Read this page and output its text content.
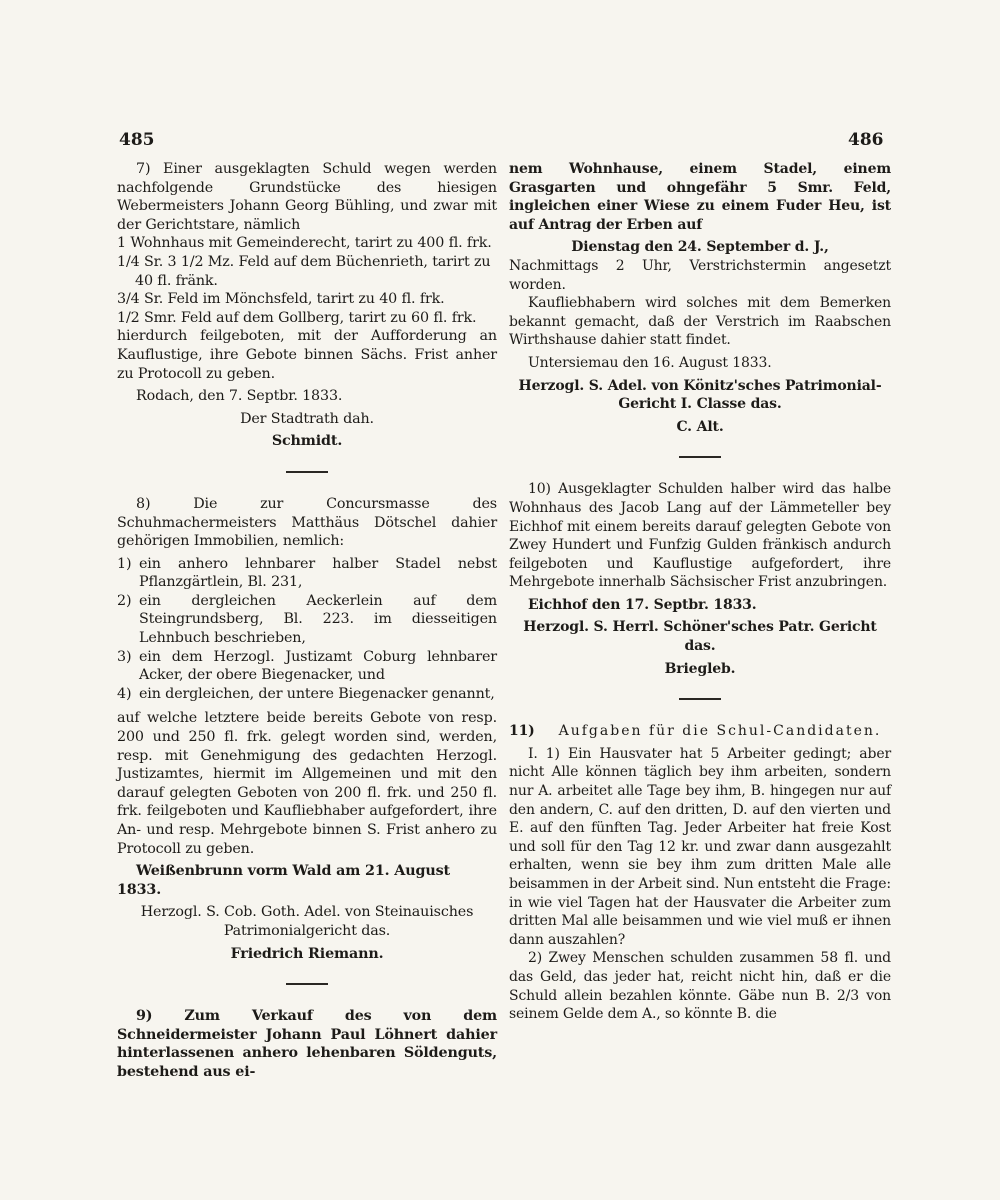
485	486

7) Einer ausgeklagten Schuld wegen werden nachfolgende Grundstücke des hiesigen Webermeisters Johann Georg Bühling, und zwar mit der Gerichtstare, nämlich

1 Wohnhaus mit Gemeinderecht, tarirt zu 400 fl. frk.

1/4 Sr. 3 1/2 Mz. Feld auf dem Büchenrieth, tarirt zu 40 fl. fränk.

3/4 Sr. Feld im Mönchsfeld, tarirt zu 40 fl. frk.

1/2 Smr. Feld auf dem Gollberg, tarirt zu 60 fl. frk.

hierdurch feilgeboten, mit der Aufforderung an Kauflustige, ihre Gebote binnen Sächs. Frist anher zu Protocoll zu geben.

Rodach, den 7. Septbr. 1833.

Der Stadtrath dah.

Schmidt.

8) Die zur Concursmasse des Schuhmachermeisters Matthäus Dötschel dahier gehörigen Immobilien, nemlich:

1) ein anhero lehnbarer halber Stadel nebst Pflanzgärtlein, Bl. 231,
2) ein dergleichen Aeckerlein auf dem Steingrundsberg, Bl. 223. im diesseitigen Lehnbuch beschrieben,
3) ein dem Herzogl. Justizamt Coburg lehnbarer Acker, der obere Biegenacker, und
4) ein dergleichen, der untere Biegenacker genannt,

auf welche letztere beide bereits Gebote von resp. 200 und 250 fl. frk. gelegt worden sind, werden, resp. mit Genehmigung des gedachten Herzogl. Justizamtes, hiermit im Allgemeinen und mit den darauf gelegten Geboten von 200 fl. frk. und 250 fl. frk. feilgeboten und Kaufliebhaber aufgefordert, ihre An- und resp. Mehrgebote binnen S. Frist anhero zu Protocoll zu geben.

Weißenbrunn vorm Wald am 21. August 1833.

Herzogl. S. Cob. Goth. Adel. von Steinauisches Patrimonialgericht das.

Friedrich Riemann.

9) Zum Verkauf des von dem Schneidermeister Johann Paul Löhnert dahier hinterlassenen anhero lehenbaren Söldenguts, bestehend aus ei-

nem Wohnhause, einem Stadel, einem Grasgarten und ohngefähr 5 Smr. Feld, ingleichen einer Wiese zu einem Fuder Heu, ist auf Antrag der Erben auf

Dienstag den 24. September d. J.,

Nachmittags 2 Uhr, Verstrichstermin angesetzt worden.

Kaufliebhabern wird solches mit dem Bemerken bekannt gemacht, daß der Verstrich im Raabschen Wirthshause dahier statt findet.

Untersiemau den 16. August 1833.

Herzogl. S. Adel. von Könitz'sches Patrimonial-Gericht I. Classe das.

C. Alt.

10) Ausgeklagter Schulden halber wird das halbe Wohnhaus des Jacob Lang auf der Lämmeteller bey Eichhof mit einem bereits darauf gelegten Gebote von Zwey Hundert und Funfzig Gulden fränkisch andurch feilgeboten und Kauflustige aufgefordert, ihre Mehrgebote innerhalb Sächsischer Frist anzubringen.

Eichhof den 17. Septbr. 1833.

Herzogl. S. Herrl. Schöner'sches Patr. Gericht das.

Briegleb.

11)	Aufgaben für die Schul-Candidaten.

I. 1) Ein Hausvater hat 5 Arbeiter gedingt; aber nicht Alle können täglich bey ihm arbeiten, sondern nur A. arbeitet alle Tage bey ihm, B. hingegen nur auf den andern, C. auf den dritten, D. auf den vierten und E. auf den fünften Tag. Jeder Arbeiter hat freie Kost und soll für den Tag 12 kr. und zwar dann ausgezahlt erhalten, wenn sie bey ihm zum dritten Male alle beisammen in der Arbeit sind. Nun entsteht die Frage: in wie viel Tagen hat der Hausvater die Arbeiter zum dritten Mal alle beisammen und wie viel muß er ihnen dann auszahlen?

2) Zwey Menschen schulden zusammen 58 fl. und das Geld, das jeder hat, reicht nicht hin, daß er die Schuld allein bezahlen könnte. Gäbe nun B. 2/3 von seinem Gelde dem A., so könnte B. die
